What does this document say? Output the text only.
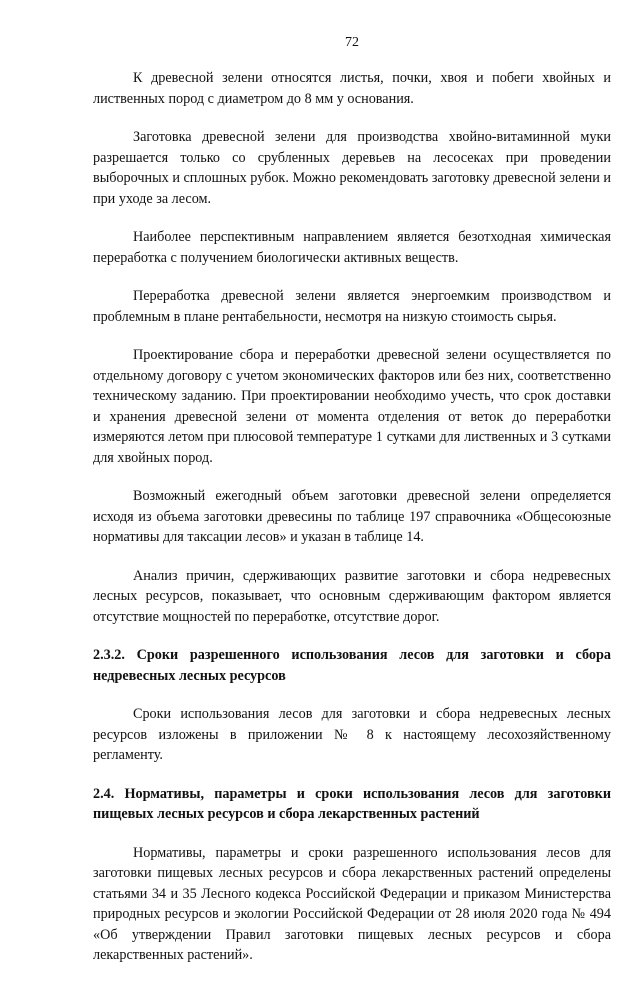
72

К древесной зелени относятся листья, почки, хвоя и побеги хвойных и лиственных пород с диаметром до 8 мм у основания.

Заготовка древесной зелени для производства хвойно-витаминной муки разрешается только со срубленных деревьев на лесосеках при проведении выборочных и сплошных рубок. Можно рекомендовать заготовку древесной зелени и при уходе за лесом.

Наиболее перспективным направлением является безотходная химическая переработка с получением биологически активных веществ.

Переработка древесной зелени является энергоемким производством и проблемным в плане рентабельности, несмотря на низкую стоимость сырья.

Проектирование сбора и переработки древесной зелени осуществляется по отдельному договору с учетом экономических факторов или без них, соответственно техническому заданию. При проектировании необходимо учесть, что срок доставки и хранения древесной зелени от момента отделения от веток до переработки измеряются летом при плюсовой температуре 1 сутками для лиственных и 3 сутками для хвойных пород.

Возможный ежегодный объем заготовки древесной зелени определяется исходя из объема заготовки древесины по таблице 197 справочника «Общесоюзные нормативы для таксации лесов» и указан в таблице 14.

Анализ причин, сдерживающих развитие заготовки и сбора недревесных лесных ресурсов, показывает, что основным сдерживающим фактором является отсутствие мощностей по переработке, отсутствие дорог.

2.3.2. Сроки разрешенного использования лесов для заготовки и сбора недревесных лесных ресурсов

Сроки использования лесов для заготовки и сбора недревесных лесных ресурсов изложены в приложении № 8 к настоящему лесохозяйственному регламенту.

2.4. Нормативы, параметры и сроки использования лесов для заготовки пищевых лесных ресурсов и сбора лекарственных растений

Нормативы, параметры и сроки разрешенного использования лесов для заготовки пищевых лесных ресурсов и сбора лекарственных растений определены статьями 34 и 35 Лесного кодекса Российской Федерации и приказом Министерства природных ресурсов и экологии Российской Федерации от 28 июля 2020 года № 494 «Об утверждении Правил заготовки пищевых лесных ресурсов и сбора лекарственных растений».
